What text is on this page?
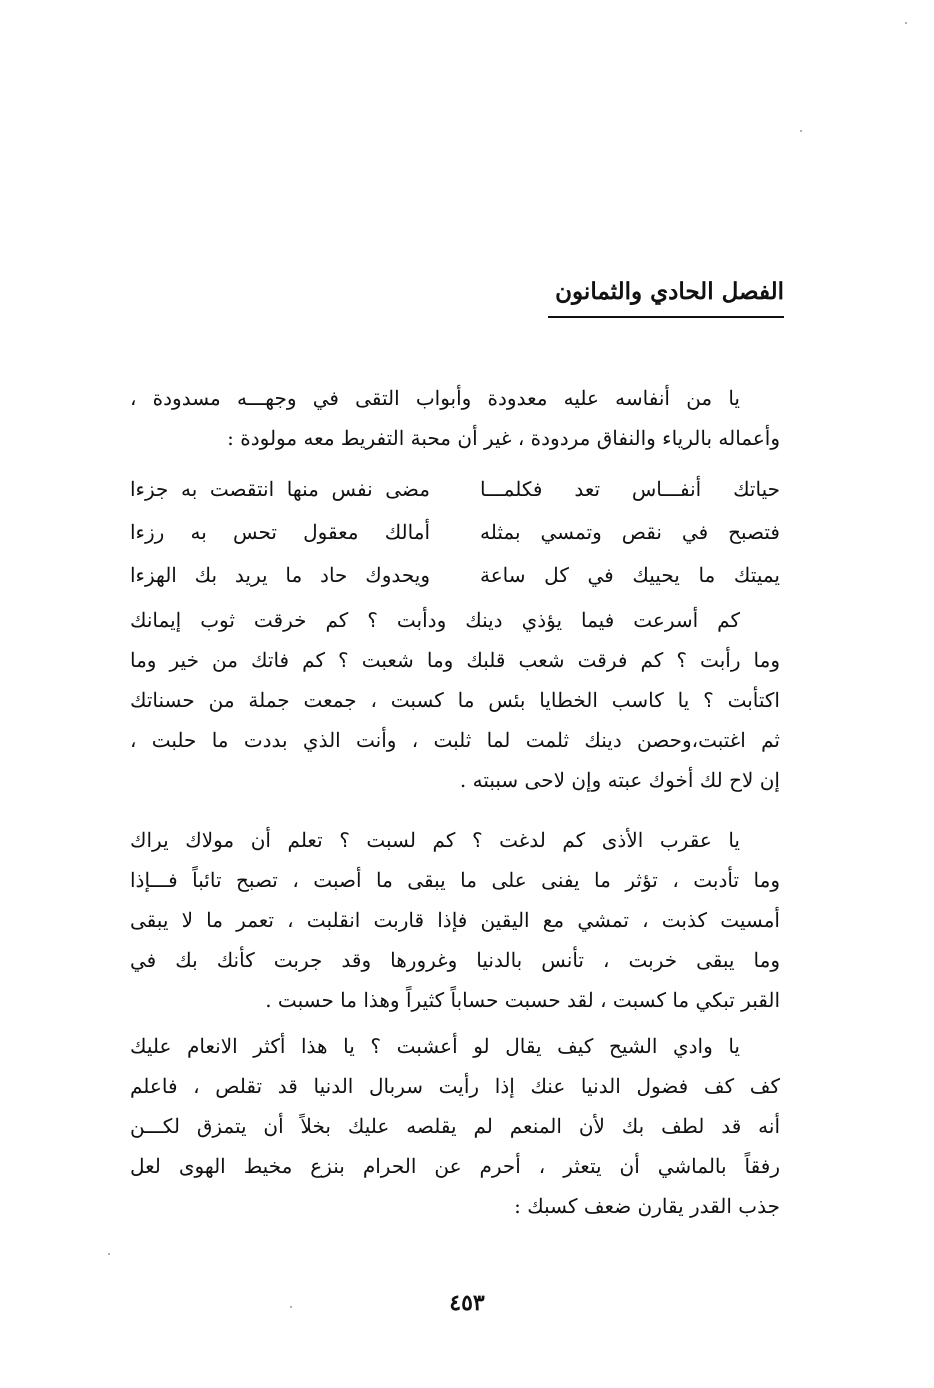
الفصل الحادي والثمانون
يا من أنفاسه عليه معدودة وأبواب التقى في وجهـــه مسدودة ،
وأعماله بالرياء والنفاق مردودة ، غير أن محبة التفريط معه مولودة :
حياتك أنفـــاس تعد فكلمـــا
مضى نفس منها انتقصت به جزءا
فتصبح في نقص وتمسي بمثله
أمالك معقول تحس به رزءا
يميتك ما يحييك في كل ساعة
ويحدوك حاد ما يريد بك الهزءا
كم أسرعت فيما يؤذي دينك ودأبت ؟ كم خرقت ثوب إيمانك
وما رأبت ؟ كم فرقت شعب قلبك وما شعبت ؟ كم فاتك من خير وما
اكتأبت ؟ يا كاسب الخطايا بئس ما كسبت ، جمعت جملة من حسناتك
ثم اغتبت،وحصن دينك ثلمت لما ثلبت ، وأنت الذي بددت ما حلبت ،
إن لاح لك أخوك عبته وإن لاحى سببته .
يا عقرب الأذى كم لدغت ؟ كم لسبت ؟ تعلم أن مولاك يراك
وما تأدبت ، تؤثر ما يفنى على ما يبقى ما أصبت ، تصبح تائباً فـــإذا
أمسيت كذبت ، تمشي مع اليقين فإذا قاربت انقلبت ، تعمر ما لا يبقى
وما يبقى خربت ، تأنس بالدنيا وغرورها وقد جربت كأنك بك في
القبر تبكي ما كسبت ، لقد حسبت حساباً كثيراً وهذا ما حسبت .
يا وادي الشيح كيف يقال لو أعشبت ؟ يا هذا أكثر الانعام عليك
كف كف فضول الدنيا عنك إذا رأيت سربال الدنيا قد تقلص ، فاعلم
أنه قد لطف بك لأن المنعم لم يقلصه عليك بخلاً أن يتمزق لكـــن
رفقاً بالماشي أن يتعثر ، أحرم عن الحرام بنزع مخيط الهوى لعل
جذب القدر يقارن ضعف كسبك :
٤٥٣
